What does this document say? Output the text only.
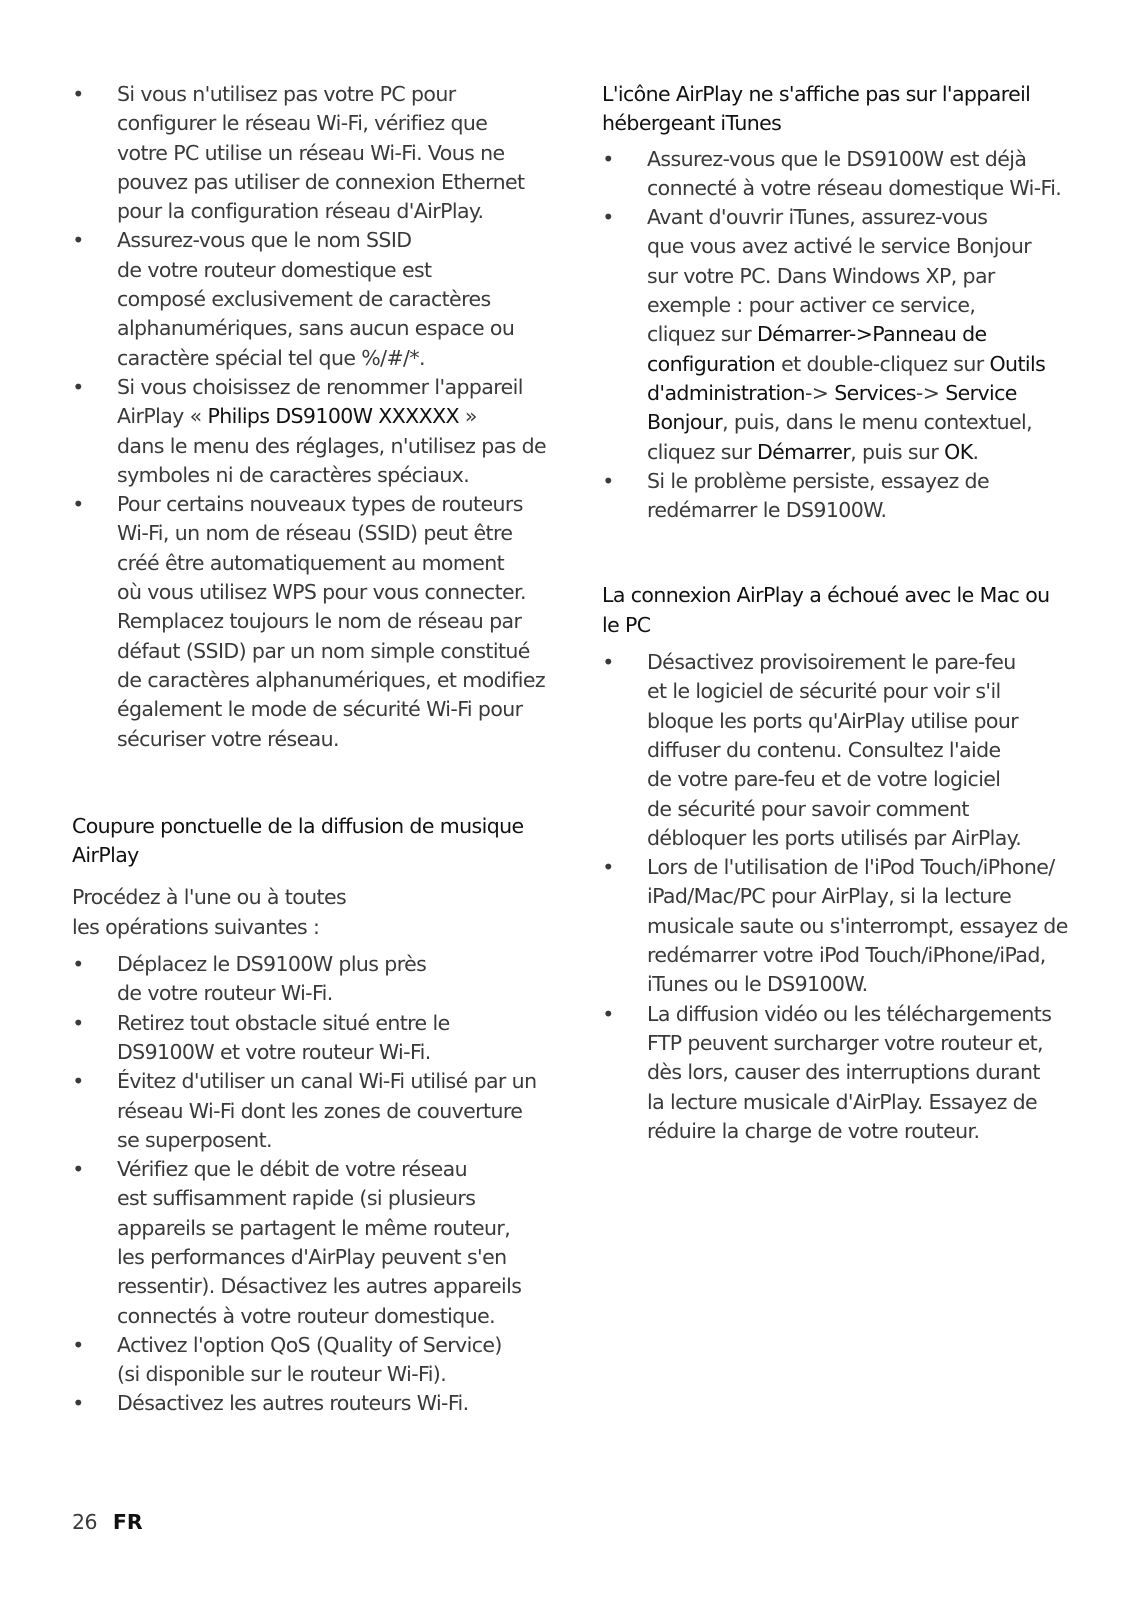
• Si vous n'utilisez pas votre PC pour
configurer le réseau Wi-Fi, vérifiez que
votre PC utilise un réseau Wi-Fi. Vous ne
pouvez pas utiliser de connexion Ethernet
pour la configuration réseau d'AirPlay.
• Assurez-vous que le nom SSID
de votre routeur domestique est
composé exclusivement de caractères
alphanumériques, sans aucun espace ou
caractère spécial tel que %/#/*.
• Si vous choisissez de renommer l'appareil
AirPlay « Philips DS9100W XXXXXX »
dans le menu des réglages, n'utilisez pas de
symboles ni de caractères spéciaux.
• Pour certains nouveaux types de routeurs
Wi-Fi, un nom de réseau (SSID) peut être
créé être automatiquement au moment
où vous utilisez WPS pour vous connecter.
Remplacez toujours le nom de réseau par
défaut (SSID) par un nom simple constitué
de caractères alphanumériques, et modifiez
également le mode de sécurité Wi-Fi pour
sécuriser votre réseau.
Coupure ponctuelle de la diffusion de musique
AirPlay
Procédez à l'une ou à toutes
les opérations suivantes :
• Déplacez le DS9100W plus près
de votre routeur Wi-Fi.
• Retirez tout obstacle situé entre le
DS9100W et votre routeur Wi-Fi.
• Évitez d'utiliser un canal Wi-Fi utilisé par un
réseau Wi-Fi dont les zones de couverture
se superposent.
• Vérifiez que le débit de votre réseau
est suffisamment rapide (si plusieurs
appareils se partagent le même routeur,
les performances d'AirPlay peuvent s'en
ressentir). Désactivez les autres appareils
connectés à votre routeur domestique.
• Activez l'option QoS (Quality of Service)
(si disponible sur le routeur Wi-Fi).
• Désactivez les autres routeurs Wi-Fi.
L'icône AirPlay ne s'affiche pas sur l'appareil
hébergeant iTunes
• Assurez-vous que le DS9100W est déjà
connecté à votre réseau domestique Wi-Fi.
• Avant d'ouvrir iTunes, assurez-vous
que vous avez activé le service Bonjour
sur votre PC. Dans Windows XP, par
exemple : pour activer ce service,
cliquez sur Démarrer->Panneau de
configuration et double-cliquez sur Outils
d'administration-> Services-> Service
Bonjour, puis, dans le menu contextuel,
cliquez sur Démarrer, puis sur OK.
• Si le problème persiste, essayez de
redémarrer le DS9100W.
La connexion AirPlay a échoué avec le Mac ou
le PC
• Désactivez provisoirement le pare-feu
et le logiciel de sécurité pour voir s'il
bloque les ports qu'AirPlay utilise pour
diffuser du contenu. Consultez l'aide
de votre pare-feu et de votre logiciel
de sécurité pour savoir comment
débloquer les ports utilisés par AirPlay.
• Lors de l'utilisation de l'iPod Touch/iPhone/
iPad/Mac/PC pour AirPlay, si la lecture
musicale saute ou s'interrompt, essayez de
redémarrer votre iPod Touch/iPhone/iPad,
iTunes ou le DS9100W.
• La diffusion vidéo ou les téléchargements
FTP peuvent surcharger votre routeur et,
dès lors, causer des interruptions durant
la lecture musicale d'AirPlay. Essayez de
réduire la charge de votre routeur.
26 FR
